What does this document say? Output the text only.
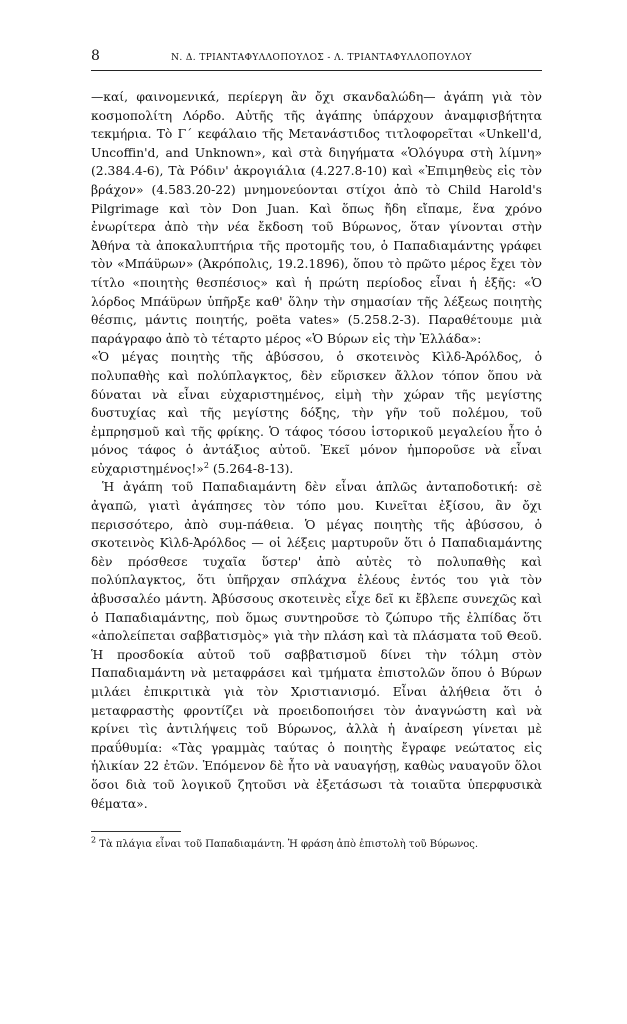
8	Ν. Δ. ΤΡΙΑΝΤΑΦΥΛΛΟΠΟΥΛΟΣ - Λ. ΤΡΙΑΝΤΑΦΥΛΛΟΠΟΥΛΟΥ

—καί, φαινομενικά, περίεργη ἂν ὄχι σκανδαλώδη— ἀγάπη γιὰ τὸν κοσμοπολίτη Λόρδο. Αὐτῆς τῆς ἀγάπης ὑπάρχουν ἀναμφισβήτητα τεκμήρια. Τὸ Γ΄ κεφάλαιο τῆς Μετανάστιδος τιτλοφορεῖται «Unkell'd, Uncoffin'd, and Unknown», καὶ στὰ διηγήματα «Ὁλόγυρα στὴ λίμνη» (2.384.4-6), Τὰ Ρόδιν' ἀκρογιάλια (4.227.8-10) καὶ «Ἐπιμηθεὺς εἰς τὸν βράχον» (4.583.20-22) μνημονεύονται στίχοι ἀπὸ τὸ Child Harold's Pilgrimage καὶ τὸν Don Juan. Καὶ ὅπως ἤδη εἴπαμε, ἕνα χρόνο ἐνωρίτερα ἀπὸ τὴν νέα ἔκδοση τοῦ Βύρωνος, ὅταν γίνονται στὴν Ἀθήνα τὰ ἀποκαλυπτήρια τῆς προτομῆς του, ὁ Παπαδιαμάντης γράφει τὸν «Μπάϋρων» (Ἀκρόπολις, 19.2.1896), ὅπου τὸ πρῶτο μέρος ἔχει τὸν τίτλο «ποιητὴς θεσπέσιος» καὶ ἡ πρώτη περίοδος εἶναι ἡ ἑξῆς: «Ὁ λόρδος Μπάϋρων ὑπῆρξε καθ' ὅλην τὴν σημασίαν τῆς λέξεως ποιητὴς θέσπις, μάντις ποιητής, poëta vates» (5.258.2-3). Παραθέτουμε μιὰ παράγραφο ἀπὸ τὸ τέταρτο μέρος «Ὁ Βύρων εἰς τὴν Ἑλλάδα»:

«Ὁ μέγας ποιητὴς τῆς ἀβύσσου, ὁ σκοτεινὸς Κὶλδ-Ἀρόλδος, ὁ πολυπαθὴς καὶ πολύπλαγκτος, δὲν εὕρισκεν ἄλλον τόπον ὅπου νὰ δύναται νὰ εἶναι εὐχαριστημένος, εἰμὴ τὴν χώραν τῆς μεγίστης δυστυχίας καὶ τῆς μεγίστης δόξης, τὴν γῆν τοῦ πολέμου, τοῦ ἐμπρησμοῦ καὶ τῆς φρίκης. Ὁ τάφος τόσου ἱστορικοῦ μεγαλείου ἦτο ὁ μόνος τάφος ὁ ἀντάξιος αὐτοῦ. Ἐκεῖ μόνον ἠμποροῦσε νὰ εἶναι εὐχαριστημένος!»$^2$ (5.264-8-13).

Ἡ ἀγάπη τοῦ Παπαδιαμάντη δὲν εἶναι ἁπλῶς ἀνταποδοτική: σὲ ἀγαπῶ, γιατὶ ἀγάπησες τὸν τόπο μου. Κινεῖται ἐξίσου, ἂν ὄχι περισσότερο, ἀπὸ συμ-πάθεια. Ὁ μέγας ποιητὴς τῆς ἀβύσσου, ὁ σκοτεινὸς Κὶλδ-Ἀρόλδος — οἱ λέξεις μαρτυροῦν ὅτι ὁ Παπαδιαμάντης δὲν πρόσθεσε τυχαῖα ὕστερ' ἀπὸ αὐτὲς τὸ πολυπαθὴς καὶ πολύπλαγκτος, ὅτι ὑπῆρχαν σπλάχνα ἐλέους ἐντός του γιὰ τὸν ἀβυσσαλέο μάντη. Ἀβύσσους σκοτεινὲς εἶχε δεῖ κι ἔβλεπε συνεχῶς καὶ ὁ Παπαδιαμάντης, ποὺ ὅμως συντηροῦσε τὸ ζώπυρο τῆς ἐλπίδας ὅτι «ἀπολείπεται σαββατισμὸς» γιὰ τὴν πλάση καὶ τὰ πλάσματα τοῦ Θεοῦ. Ἡ προσδοκία αὐτοῦ τοῦ σαββατισμοῦ δίνει τὴν τόλμη στὸν Παπαδιαμάντη νὰ μεταφράσει καὶ τμήματα ἐπιστολῶν ὅπου ὁ Βύρων μιλάει ἐπικριτικὰ γιὰ τὸν Χριστιανισμό. Εἶναι ἀλήθεια ὅτι ὁ μεταφραστὴς φροντίζει νὰ προειδοποιήσει τὸν ἀναγνώστη καὶ νὰ κρίνει τὶς ἀντιλήψεις τοῦ Βύρωνος, ἀλλὰ ἡ ἀναίρεση γίνεται μὲ πραΰθυμία: «Τὰς γραμμὰς ταύτας ὁ ποιητὴς ἔγραφε νεώτατος εἰς ἡλικίαν 22 ἐτῶν. Ἑπόμενον δὲ ἦτο νὰ ναυαγήσῃ, καθὼς ναυαγοῦν ὅλοι ὅσοι διὰ τοῦ λογικοῦ ζητοῦσι νὰ ἐξετάσωσι τὰ τοιαῦτα ὑπερφυσικὰ θέματα».

$^2$ Τὰ πλάγια εἶναι τοῦ Παπαδιαμάντη. Ἡ φράση ἀπὸ ἐπιστολὴ τοῦ Βύρωνος.
